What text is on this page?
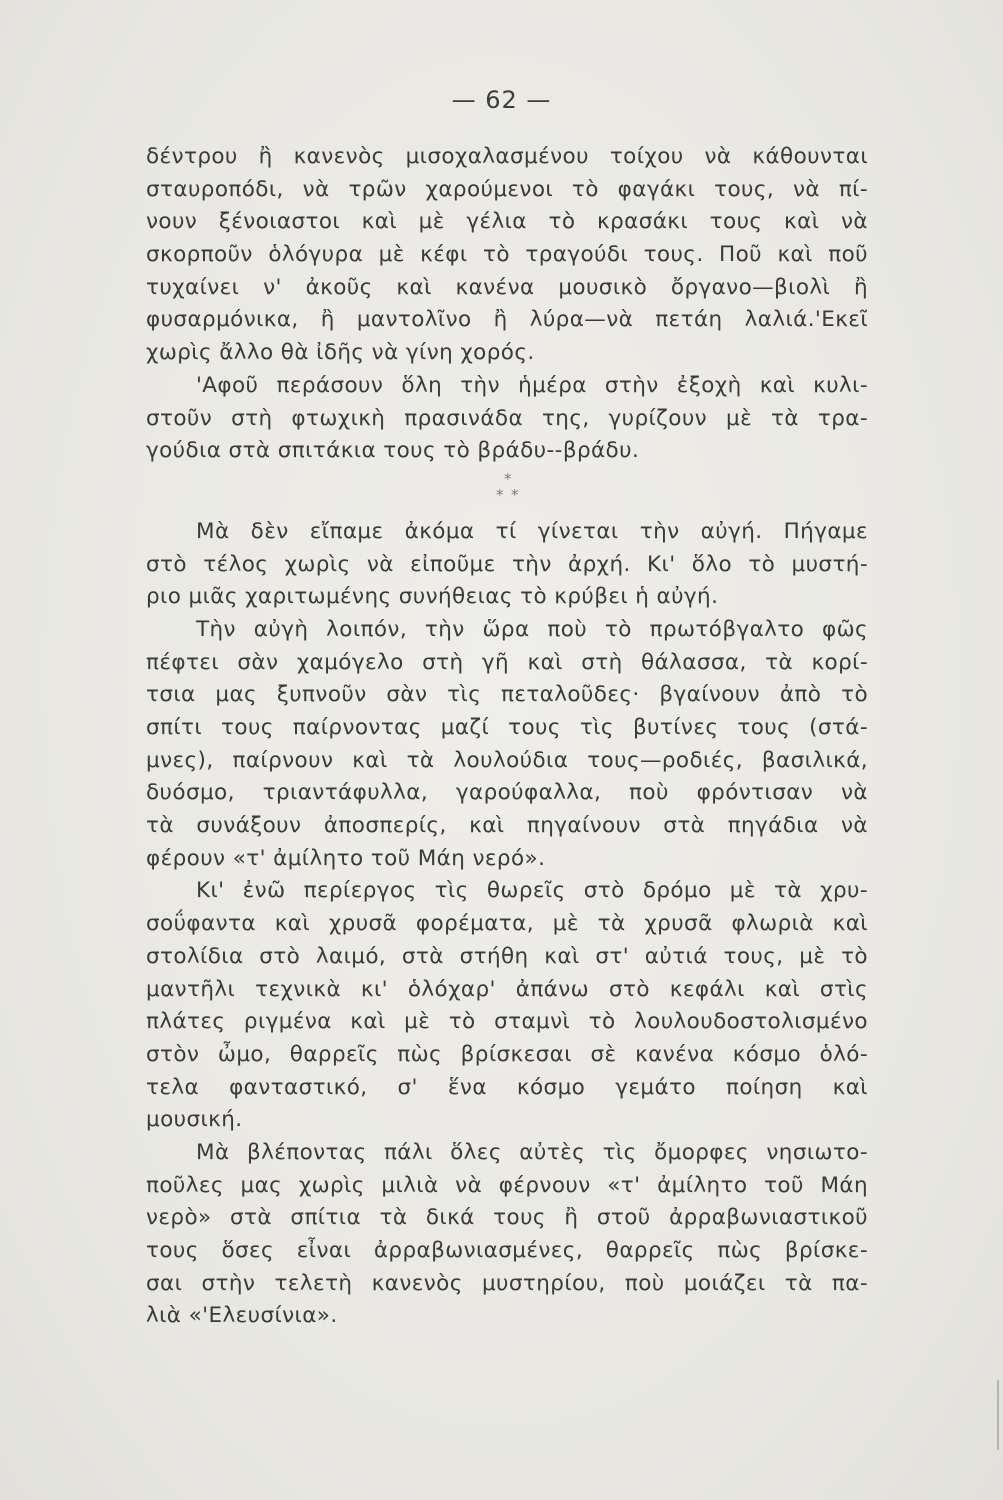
— 62 —
δέντρου ἢ κανενὸς μισοχαλασμένου τοίχου νὰ κάθουνται
σταυροπόδι, νὰ τρῶν χαρούμενοι τὸ φαγάκι τους, νὰ πί-
νουν ξένοιαστοι καὶ μὲ γέλια τὸ κρασάκι τους καὶ νὰ
σκορποῦν ὁλόγυρα μὲ κέφι τὸ τραγούδι τους. Ποῦ καὶ ποῦ
τυχαίνει ν' ἀκοῦς καὶ κανένα μουσικὸ ὄργανο—βιολὶ ἢ
φυσαρμόνικα, ἢ μαντολῖνο ἢ λύρα—νὰ πετάη λαλιά.'Εκεῖ
χωρὶς ἄλλο θὰ ἰδῆς νὰ γίνη χορός.
'Αφοῦ περάσουν ὅλη τὴν ἡμέρα στὴν ἐξοχὴ καὶ κυλι-
στοῦν στὴ φτωχικὴ πρασινάδα της, γυρίζουν μὲ τὰ τρα-
γούδια στὰ σπιτάκια τους τὸ βράδυ--βράδυ.
*
* *
Μὰ δὲν εἴπαμε ἀκόμα τί γίνεται τὴν αὐγή. Πήγαμε
στὸ τέλος χωρὶς νὰ εἰποῦμε τὴν ἀρχή. Κι' ὅλο τὸ μυστή-
ριο μιᾶς χαριτωμένης συνήθειας τὸ κρύβει ἡ αὐγή.
Τὴν αὐγὴ λοιπόν, τὴν ὥρα ποὺ τὸ πρωτόβγαλτο φῶς
πέφτει σὰν χαμόγελο στὴ γῆ καὶ στὴ θάλασσα, τὰ κορί-
τσια μας ξυπνοῦν σὰν τὶς πεταλοῦδες· βγαίνουν ἀπὸ τὸ
σπίτι τους παίρνοντας μαζί τους τὶς βυτίνες τους (στά-
μνες), παίρνουν καὶ τὰ λουλούδια τους—ροδιές, βασιλικά,
δυόσμο, τριαντάφυλλα, γαρούφαλλα, ποὺ φρόντισαν νὰ
τὰ συνάξουν ἀποσπερίς, καὶ πηγαίνουν στὰ πηγάδια νὰ
φέρουν «τ' ἀμίλητο τοῦ Μάη νερό».
Κι' ἐνῶ περίεργος τὶς θωρεῖς στὸ δρόμο μὲ τὰ χρυ-
σοΰφαντα καὶ χρυσᾶ φορέματα, μὲ τὰ χρυσᾶ φλωριὰ καὶ
στολίδια στὸ λαιμό, στὰ στήθη καὶ στ' αὐτιά τους, μὲ τὸ
μαντῆλι τεχνικὰ κι' ὁλόχαρ' ἀπάνω στὸ κεφάλι καὶ στὶς
πλάτες ριγμένα καὶ μὲ τὸ σταμνὶ τὸ λουλουδοστολισμένο
στὸν ὦμο, θαρρεῖς πὼς βρίσκεσαι σὲ κανένα κόσμο ὁλό-
τελα φανταστικό, σ' ἕνα κόσμο γεμάτο ποίηση καὶ
μουσική.
Μὰ βλέποντας πάλι ὅλες αὐτὲς τὶς ὄμορφες νησιωτο-
ποῦλες μας χωρὶς μιλιὰ νὰ φέρνουν «τ' ἀμίλητο τοῦ Μάη
νερὸ» στὰ σπίτια τὰ δικά τους ἢ στοῦ ἀρραβωνιαστικοῦ
τους ὅσες εἶναι ἀρραβωνιασμένες, θαρρεῖς πὼς βρίσκε-
σαι στὴν τελετὴ κανενὸς μυστηρίου, ποὺ μοιάζει τὰ πα-
λιὰ «'Ελευσίνια».
